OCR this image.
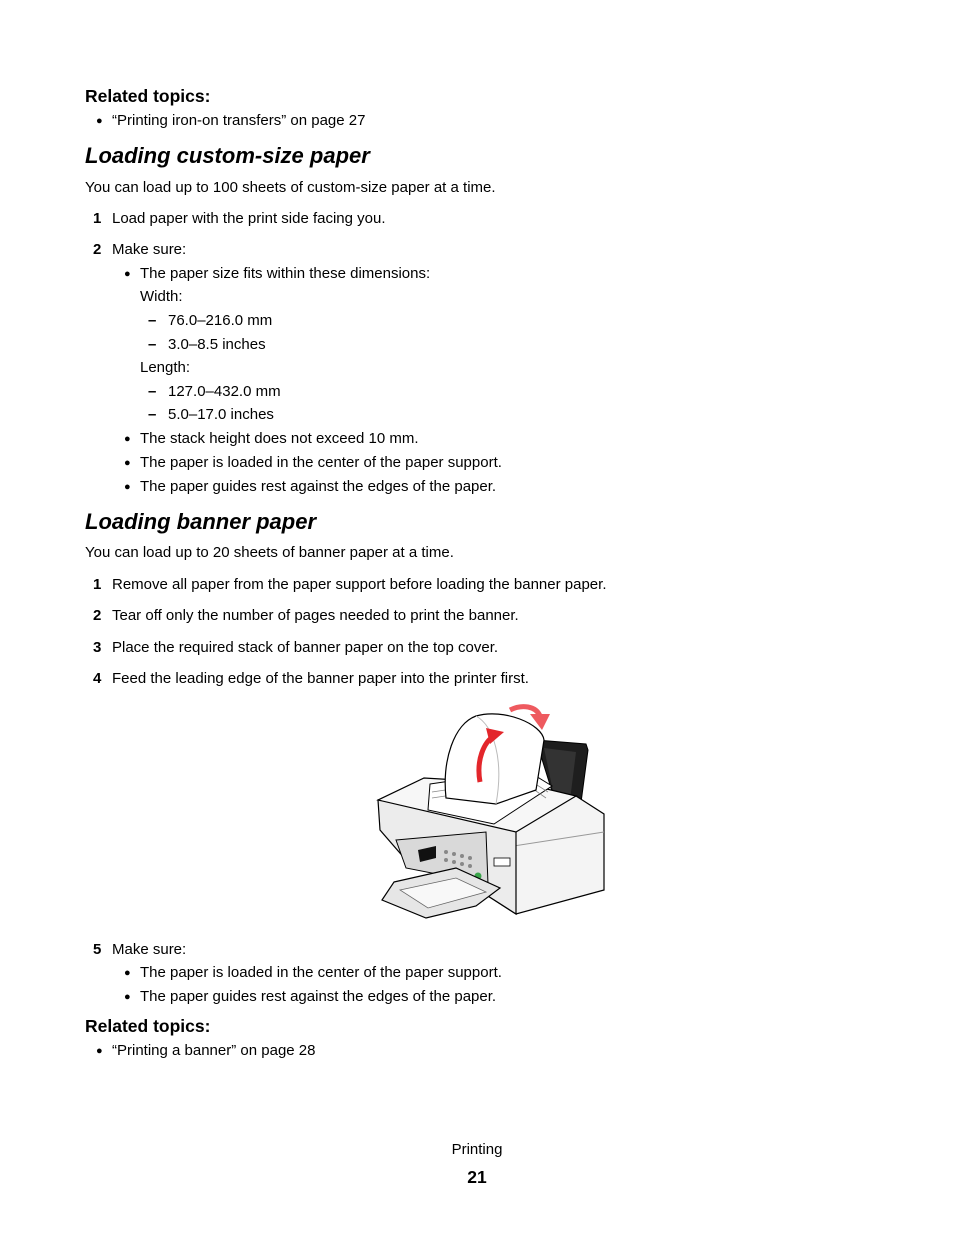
Related topics:
● “Printing iron-on transfers” on page 27
Loading custom-size paper
You can load up to 100 sheets of custom-size paper at a time.
1 Load paper with the print side facing you.
2 Make sure:
● The paper size fits within these dimensions:
Width:
– 76.0–216.0 mm
– 3.0–8.5 inches
Length:
– 127.0–432.0 mm
– 5.0–17.0 inches
● The stack height does not exceed 10 mm.
● The paper is loaded in the center of the paper support.
● The paper guides rest against the edges of the paper.
Loading banner paper
You can load up to 20 sheets of banner paper at a time.
1 Remove all paper from the paper support before loading the banner paper.
2 Tear off only the number of pages needed to print the banner.
3 Place the required stack of banner paper on the top cover.
4 Feed the leading edge of the banner paper into the printer first.
5 Make sure:
● The paper is loaded in the center of the paper support.
● The paper guides rest against the edges of the paper.
Related topics:
● “Printing a banner” on page 28
Printing
21
